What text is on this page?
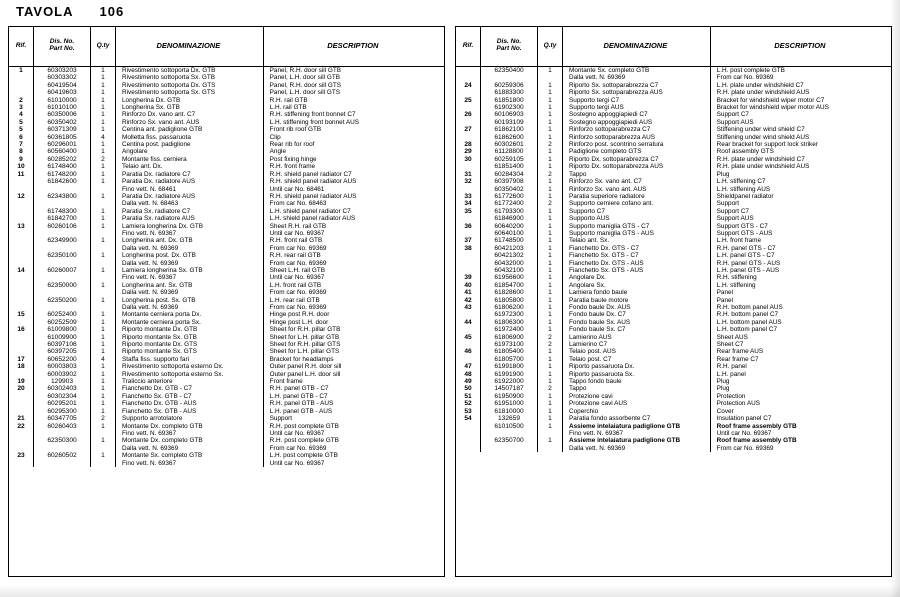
TAVOLA 106
Rif.	Dis. No.
Part No.	Q.ty	DENOMINAZIONE	DESCRIPTION
1	60303203	1	Rivestimento sottoporta Dx. GTB	Panel, R.H. door sill GTB
	60303302	1	Rivestimento sottoporta Sx. GTB	Panel, L.H. door sill GTB
	60419504	1	Rivestimento sottoporta Dx. GTS	Panel, R.H. door sill GTS
	60419603	1	Rivestimento sottoporta Sx. GTS	Panel, L.H. door sill GTS
2	61010000	1	Longherina Dx. GTB	R.H. rail GTB
3	61010100	1	Longherina Sx. GTB	L.H. rail GTB
4	60350006	1	Rinforzo Dx. vano ant. C7	R.H. stiffening front bonnet C7
5	60350402	1	Rinforzo Sx. vano ant. AUS	L.H. stiffening front bonnet AUS
5	60371309	1	Centina ant. padiglione GTB	Front rib roof GTB
6	60361805	4	Molletta fiss. passaruota	Clip
7	60296001	1	Centina post. padiglione	Rear rib for roof
8	60560400	1	Angolare	Angle
9	60285202	2	Montante fiss. cerniera	Post fixing hinge
10	61748400	1	Telaio ant. Dx.	R.H. front frame
11	61748200	1	Paratia Dx. radiatore C7	R.H. shield panel radiator C7
	61842600	1	Paratia Dx. radiatore AUS	R.H. shield panel radiator AUS
			Fino vett. N. 68461	Until car No. 68461
12	62343800	1	Paratia Dx. radiatore AUS	R.H. shield panel radiator AUS
			Dalla vett. N. 68463	From car No. 68463
	61748300	1	Paratia Sx. radiatore C7	L.H. shield panel radiator C7
	61842700	1	Paratia Sx. radiatore AUS	L.H. shield panel radiator AUS
13	60260106	1	Lamiera longherina Dx. GTB	Sheet R.H. rail GTB
			Fino vett. N. 69367	Until car No. 69367
	62349900	1	Longherina ant. Dx. GTB	R.H. front rail GTB
			Dalla vett. N. 69369	From car No. 69369
	62350100	1	Longherina post. Dx. GTB	R.H. rear rail GTB
			Dalla vett. N. 69369	From car No. 69369
14	60260007	1	Lamiera longherina Sx. GTB	Sheet L.H. rail GTB
			Fino vett. N. 69367	Until car No. 69367
	62350000	1	Longherina ant. Sx. GTB	L.H. front rail GTB
			Dalla vett. N. 69369	From car No. 69369
	62350200	1	Longherina post. Sx. GTB	L.H. rear rail GTB
			Dalla vett. N. 69369	From car No. 69369
15	60252400	1	Montante cerniera porta Dx.	Hinge post R.H. door
	60252509	1	Montante cerniera porta Sx.	Hinge post L.H. door
16	61009800	1	Riporto montante Dx. GTB	Sheet for R.H. pillar GTB
	61009900	1	Riporto montante Sx. GTB	Sheet for L.H. pillar GTB
	60397106	1	Riporto montante Dx. GTS	Sheet for R.H. pillar GTS
	60397205	1	Riporto montante Sx. GTS	Sheet for L.H. pillar GTS
17	60652200	4	Staffa fiss. supporto fari	Bracket for headlamps
18	60003803	1	Rivestimento sottoporta esterno Dx.	Outer panel R.H. door sill
	60003902	1	Rivestimento sottoporta esterno Sx.	Outer panel L.H. door sill
19	129903	1	Traliccio anteriore	Front frame
20	60302403	1	Fianchetto Dx. GTB - C7	R.H. panel GTB - C7
	60302304	1	Fianchetto Sx. GTB - C7	L.H. panel GTB - C7
	60295201	1	Fianchetto Dx. GTB - AUS	R.H. panel GTB - AUS
	60295300	1	Fianchetto Sx. GTB - AUS	L.H. panel GTB - AUS
21	60347705	2	Supporto arrotolatore	Support
22	60260403	1	Montante Dx. completo GTB	R.H. post complete GTB
			Fino vett. N. 69367	Until car No. 69367
	62350300	1	Montante Dx. completo GTB	R.H. post complete GTB
			Dalla vett. N. 69369	From car No. 69369
23	60260502	1	Montante Sx. completo GTB	L.H. post complete GTB
			Fino vett. N. 69367	Until car No. 69367
Rif.	Dis. No.
Part No.	Q.ty	DENOMINAZIONE	DESCRIPTION
	62350400	1	Montante Sx. completo GTB	L.H. post complete GTB
			Dalla vett. N. 69369	From car No. 69369
24	60259306	1	Riporto Sx. sottoparabrezza C7	L.H. plate under windshield C7
	61883300	1	Riporto Sx. sottoparabrezza AUS	R.H. plate under windshield AUS
25	61851800	1	Supporto tergi C7	Bracket for windshield wiper motor C7
	61902300	1	Supporto tergi AUS	Bracket for windshield wiper motor AUS
26	60106903	1	Sostegno appoggiapiedi C7	Support C7
	60193109	1	Sostegno appoggiapiedi AUS	Support AUS
27	61862100	1	Rinforzo sottoparabrezza C7	Stiffening under wind shield C7
	61862600	1	Rinforzo sottoparabrezza AUS	Stiffening under wind shield AUS
28	60302601	2	Rinforzo post. scontrino serratura	Rear bracket for support lock striker
29	61128800	1	Padiglione completo GTS	Roof assembly GTS
30	60259105	1	Riporto Dx. sottoparabrezza C7	R.H. plate under windshield C7
	61851400	1	Riporto Dx. sottoparabrezza AUS	R.H. plate under windshield AUS
31	60284304	2	Tappo	Plug
32	60397908	1	Rinforzo Sx. vano ant. C7	L.H. stiffening C7
	60350402	1	Rinforzo Sx. vano ant. AUS	L.H. stiffening AUS
33	61772600	1	Paratia superiore radiatore	Shieldpanel radiator
34	61772400	2	Supporto cerniere cofano ant.	Support
35	61793300	1	Supporto C7	Support C7
	61846900	1	Supporto AUS	Support AUS
36	60640200	1	Supporto maniglia GTS - C7	Support GTS - C7
	60640100	1	Supporto maniglia GTS - AUS	Support GTS - AUS
37	61748500	1	Telaio ant. Sx.	L.H. front frame
38	60421203	1	Fianchetto Dx. GTS - C7	R.H. panel GTS - C7
	60421302	1	Fianchetto Sx. GTS - C7	L.H. panel GTS - C7
	60432000	1	Fianchetto Dx. GTS - AUS	R.H. panel GTS - AUS
	60432100	1	Fianchetto Sx. GTS - AUS	L.H. panel GTS - AUS
39	61956600	1	Angolare Dx.	R.H. stiffening
40	61854700	1	Angolare Sx.	L.H. stiffening
41	61828600	1	Lamiera fondo baule	Panel
42	61805800	1	Paratia baule motore	Panel
43	61806200	1	Fondo baule Dx. AUS	R.H. bottom panel AUS
	61972300	1	Fondo baule Dx. C7	R.H. bottom panel C7
44	61806300	1	Fondo baule Sx. AUS	L.H. bottom panel AUS
	61972400	1	Fondo baule Sx. C7	L.H. bottom panel C7
45	61806900	2	Lamierino AUS	Sheet AUS
	61973100	2	Lamierino C7	Sheet C7
46	61805400	1	Telaio post. AUS	Rear frame AUS
	61805700	1	Telaio post. C7	Rear frame C7
47	61991800	1	Riporto passaruota Dx.	R.H. panel
48	61991900	1	Riporto passaruota Sx.	L.H. panel
49	61922000	1	Tappo fondo baule	Plug
50	14507187	2	Tappo	Plug
51	61950900	1	Protezione cavi	Protection
52	61951000	1	Protezione cavi AUS	Protection AUS
53	61810000	1	Coperchio	Cover
54	132659	1	Paratia fondo assorbente C7	Insulation panel C7
	61010500	1	Assieme intelaiatura padiglione GTB	Roof frame assembly GTB
			Fino vett. N. 69367	Until car No. 69367
	62350700	1	Assieme intelaiatura padiglione GTB	Roof frame assembly GTB
			Dalla vett. N. 69369	From car No. 69369
